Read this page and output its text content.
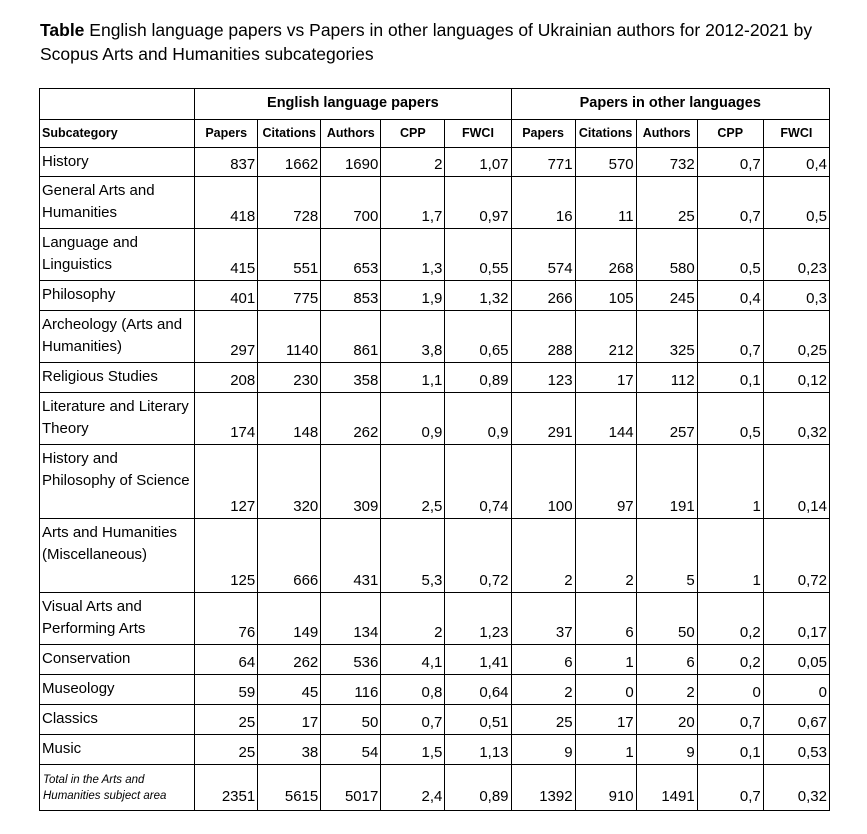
Table English language papers vs Papers in other languages of Ukrainian authors for 2012-2021 by Scopus Arts and Humanities subcategories
	English language papers					Papers in other languages				
Subcategory	Papers	Citations	Authors	CPP	FWCI	Papers	Citations	Authors	CPP	FWCI
History	837	1662	1690	2	1,07	771	570	732	0,7	0,4
General Arts and Humanities	418	728	700	1,7	0,97	16	11	25	0,7	0,5
Language and Linguistics	415	551	653	1,3	0,55	574	268	580	0,5	0,23
Philosophy	401	775	853	1,9	1,32	266	105	245	0,4	0,3
Archeology (Arts and Humanities)	297	1140	861	3,8	0,65	288	212	325	0,7	0,25
Religious Studies	208	230	358	1,1	0,89	123	17	112	0,1	0,12
Literature and Literary Theory	174	148	262	0,9	0,9	291	144	257	0,5	0,32
History and Philosophy of Science	127	320	309	2,5	0,74	100	97	191	1	0,14
Arts and Humanities (Miscellaneous)	125	666	431	5,3	0,72	2	2	5	1	0,72
Visual Arts and Performing Arts	76	149	134	2	1,23	37	6	50	0,2	0,17
Conservation	64	262	536	4,1	1,41	6	1	6	0,2	0,05
Museology	59	45	116	0,8	0,64	2	0	2	0	0
Classics	25	17	50	0,7	0,51	25	17	20	0,7	0,67
Music	25	38	54	1,5	1,13	9	1	9	0,1	0,53
Total in the Arts and Humanities subject area	2351	5615	5017	2,4	0,89	1392	910	1491	0,7	0,32
